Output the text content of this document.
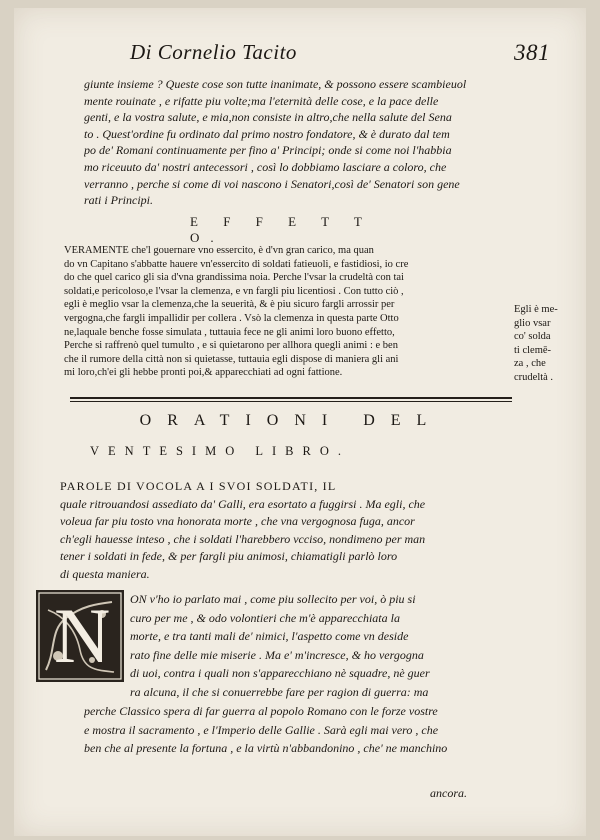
Di Cornelio Tacito	381
giunte insieme ? Queste cose son tutte inanimate, & possono essere scambieuol
mente rouinate , e rifatte piu volte;ma l'eternità delle cose, e la pace delle
genti, e la vostra salute, e mia,non consiste in altro,che nella salute del Sena
to . Quest'ordine fu ordinato dal primo nostro fondatore, & è durato dal tem
po de' Romani continuamente per fino a' Principi; onde si come noi l'habbia
mo riceuuto da' nostri antecessori , così lo dobbiamo lasciare a coloro, che
verranno , perche si come di voi nascono i Senatori,così de' Senatori son gene
rati i Principi.
E F F E T T O.
VERAMENTE che'l gouernare vno essercito, è d'vn gran carico, ma quan
do vn Capitano s'abbatte hauere vn'essercito di soldati fatieuoli, e fastidiosi, io cre
do che quel carico gli sia d'vna grandissima noia. Perche l'vsar la crudeltà con tai
soldati,e pericoloso,e l'vsar la clemenza, e vn fargli piu licentiosi . Con tutto ciò ,
egli è meglio vsar la clemenza,che la seuerità, & è piu sicuro fargli arrossir per
vergogna,che fargli impallidir per collera . Vsò la clemenza in questa parte Otto
ne,laquale benche fosse simulata , tuttauia fece ne gli animi loro buono effetto,
Perche si raffrenò quel tumulto , e si quietarono per allhora quegli animi : e ben
che il rumore della città non si quietasse, tuttauia egli dispose di maniera gli ani
mi loro,ch'ei gli hebbe pronti poi,& apparecchiati ad ogni fattione.
Egli è me-
glio vsar
co' solda
ti clemē-
za , che
crudeltà .
ORATIONI DEL
VENTESIMO LIBRO.
PAROLE DI VOCOLA A I SVOI SOLDATI, IL
quale ritrouandosi assediato da' Galli, era esortato a fuggirsi . Ma egli, che
voleua far piu tosto vna honorata morte , che vna vergognosa fuga, ancor
ch'egli hauesse inteso , che i soldati l'harebbero vcciso, nondimeno per man
tener i soldati in fede, & per fargli piu animosi, chiamatigli parlò loro
di questa maniera.
N ON v'ho io parlato mai , come piu sollecito per voi, ò piu si
curo per me , & odo volontieri che m'è apparecchiata la
morte, e tra tanti mali de' nimici, l'aspetto come vn deside
rato fine delle mie miserie . Ma e' m'incresce, & ho vergogna
di uoi, contra i quali non s'apparecchiano nè squadre, nè guer
ra alcuna, il che si conuerrebbe fare per ragion di guerra: ma
perche Classico spera di far guerra al popolo Romano con le forze vostre
e mostra il sacramento , e l'Imperio delle Gallie . Sarà egli mai vero , che
ben che al presente la fortuna , e la virtù n'abbandonino , che' ne manchino
ancora.
